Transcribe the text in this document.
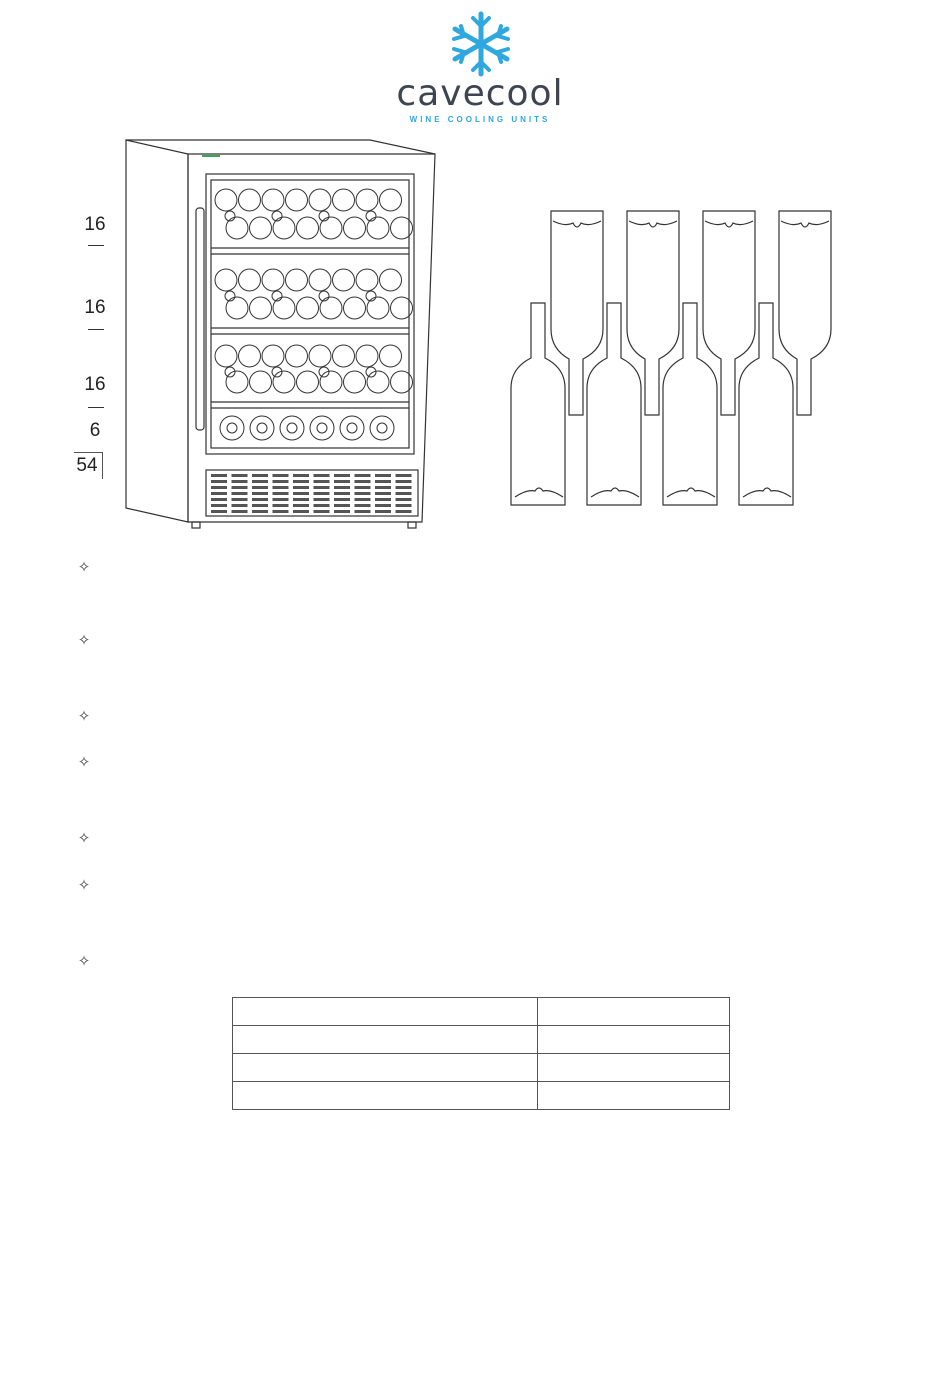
cavecool
WINE COOLING UNITS
16
16
16
6
54
✧
✧
✧
✧
✧
✧
✧
